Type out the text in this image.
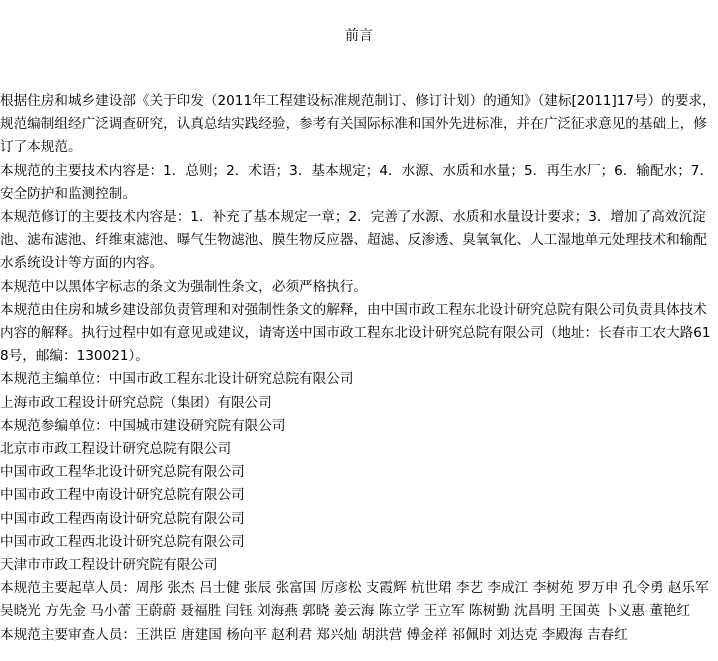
前言

根据住房和城乡建设部《关于印发（2011年工程建设标准规范制订、修订计划）的通知》（建标[2011]17号）的要求，规范编制组经广泛调查研究，认真总结实践经验，参考有关国际标准和国外先进标准，并在广泛征求意见的基础上，修订了本规范。

本规范的主要技术内容是：1．总则；2．术语；3．基本规定；4．水源、水质和水量；5．再生水厂；6．输配水；7．安全防护和监测控制。

本规范修订的主要技术内容是：1．补充了基本规定一章；2．完善了水源、水质和水量设计要求；3．增加了高效沉淀池、滤布滤池、纤维束滤池、曝气生物滤池、膜生物反应器、超滤、反渗透、臭氧氧化、人工湿地单元处理技术和输配水系统设计等方面的内容。

本规范中以黑体字标志的条文为强制性条文，必须严格执行。

本规范由住房和城乡建设部负责管理和对强制性条文的解释，由中国市政工程东北设计研究总院有限公司负责具体技术内容的解释。执行过程中如有意见或建议，请寄送中国市政工程东北设计研究总院有限公司（地址：长春市工农大路618号，邮编：130021）。

本规范主编单位：中国市政工程东北设计研究总院有限公司

上海市政工程设计研究总院（集团）有限公司

本规范参编单位：中国城市建设研究院有限公司

北京市市政工程设计研究总院有限公司

中国市政工程华北设计研究总院有限公司

中国市政工程中南设计研究总院有限公司

中国市政工程西南设计研究总院有限公司

中国市政工程西北设计研究总院有限公司

天津市市政工程设计研究院有限公司

本规范主要起草人员：周彤 张杰 吕士健 张辰 张富国 厉彦松 支霞辉 杭世珺 李艺 李成江 李树苑 罗万申 孔令勇 赵乐军 吴晓光 方先金 马小蕾 王蔚蔚 聂福胜 闫钰 刘海燕 郭晓 姜云海 陈立学 王立军 陈树勤 沈昌明 王国英 卜义惠 董艳红

本规范主要审查人员：王洪臣 唐建国 杨向平 赵利君 郑兴灿 胡洪营 傅金祥 祁佩时 刘达克 李殿海 吉春红
